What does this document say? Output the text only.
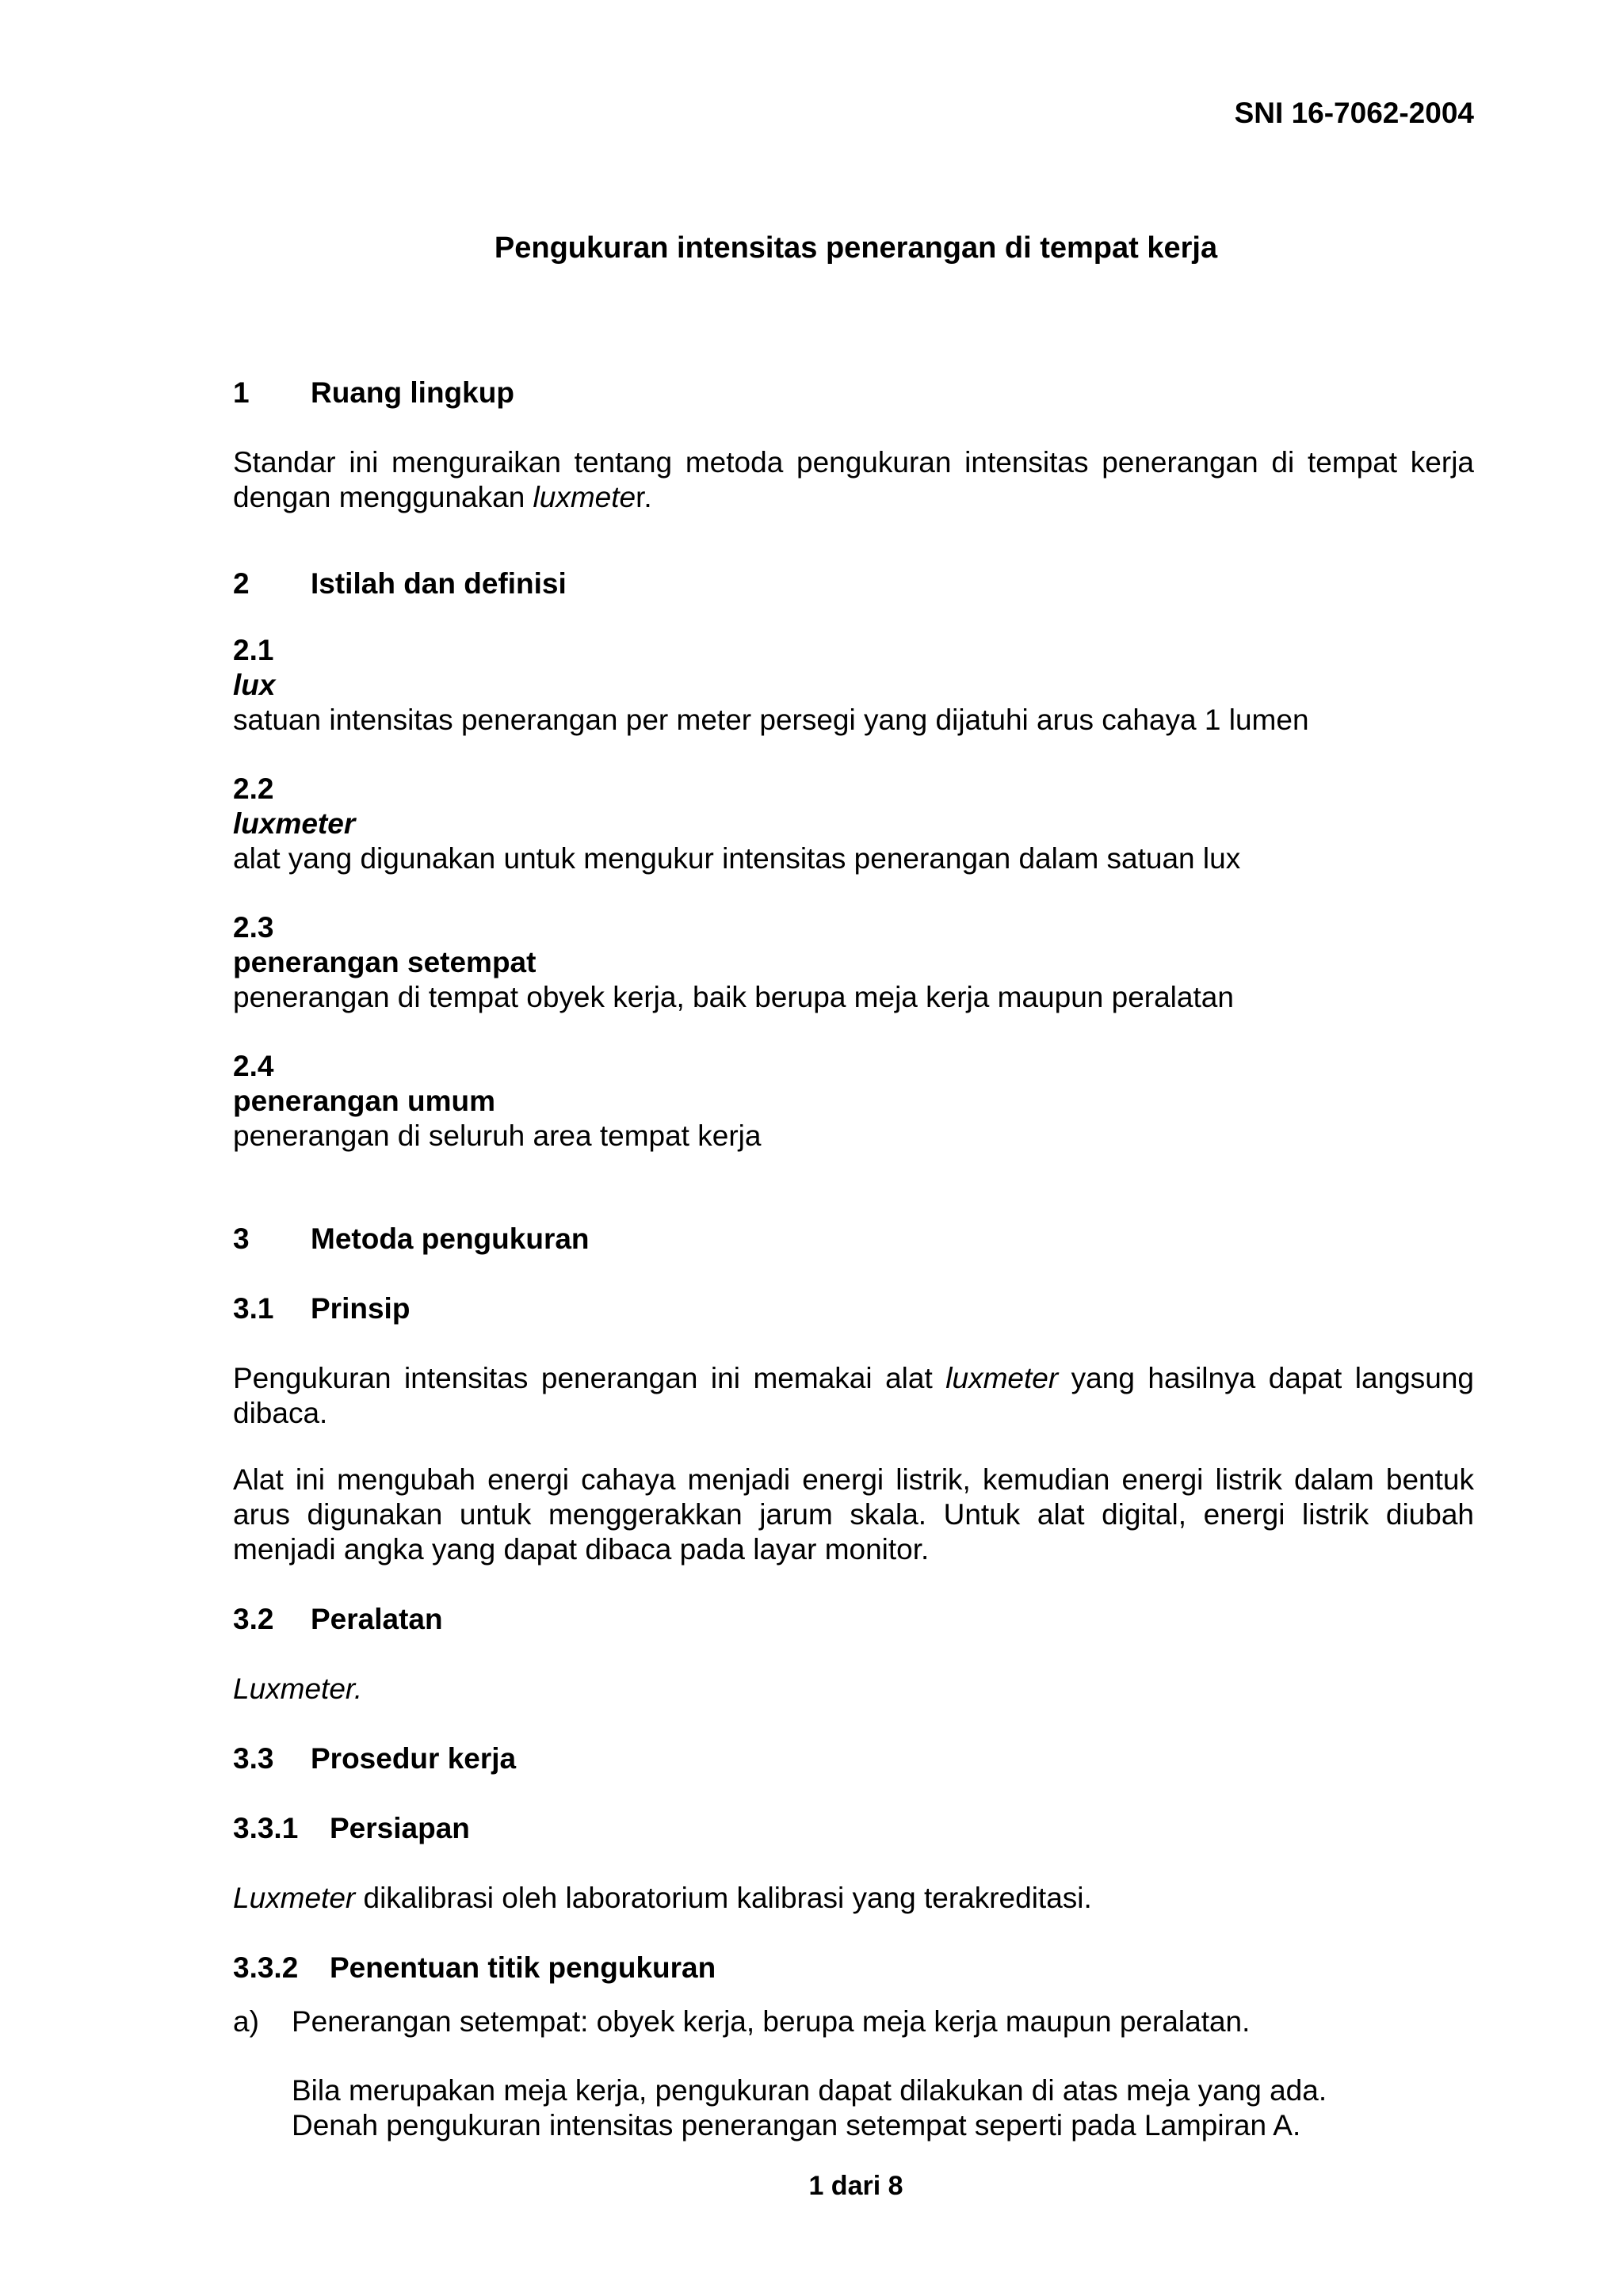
SNI 16-7062-2004
Pengukuran intensitas penerangan di tempat kerja
1 Ruang lingkup
Standar ini menguraikan tentang metoda pengukuran intensitas penerangan di tempat kerja dengan menggunakan luxmeter.
2 Istilah dan definisi
2.1
lux
satuan intensitas penerangan per meter persegi yang dijatuhi arus cahaya 1 lumen
2.2
luxmeter
alat yang digunakan untuk mengukur intensitas penerangan dalam satuan lux
2.3
penerangan setempat
penerangan di tempat obyek kerja, baik berupa meja kerja maupun peralatan
2.4
penerangan umum
penerangan di seluruh area tempat kerja
3 Metoda pengukuran
3.1 Prinsip
Pengukuran intensitas penerangan ini memakai alat luxmeter yang hasilnya dapat langsung dibaca.
Alat ini mengubah energi cahaya menjadi energi listrik, kemudian energi listrik dalam bentuk arus digunakan untuk menggerakkan jarum skala. Untuk alat digital, energi listrik diubah menjadi angka yang dapat dibaca pada layar monitor.
3.2 Peralatan
Luxmeter.
3.3 Prosedur kerja
3.3.1 Persiapan
Luxmeter dikalibrasi oleh laboratorium kalibrasi yang terakreditasi.
3.3.2 Penentuan titik pengukuran
a) Penerangan setempat: obyek kerja, berupa meja kerja maupun peralatan.
Bila merupakan meja kerja, pengukuran dapat dilakukan di atas meja yang ada.
Denah pengukuran intensitas penerangan setempat seperti pada Lampiran A.
1 dari 8
